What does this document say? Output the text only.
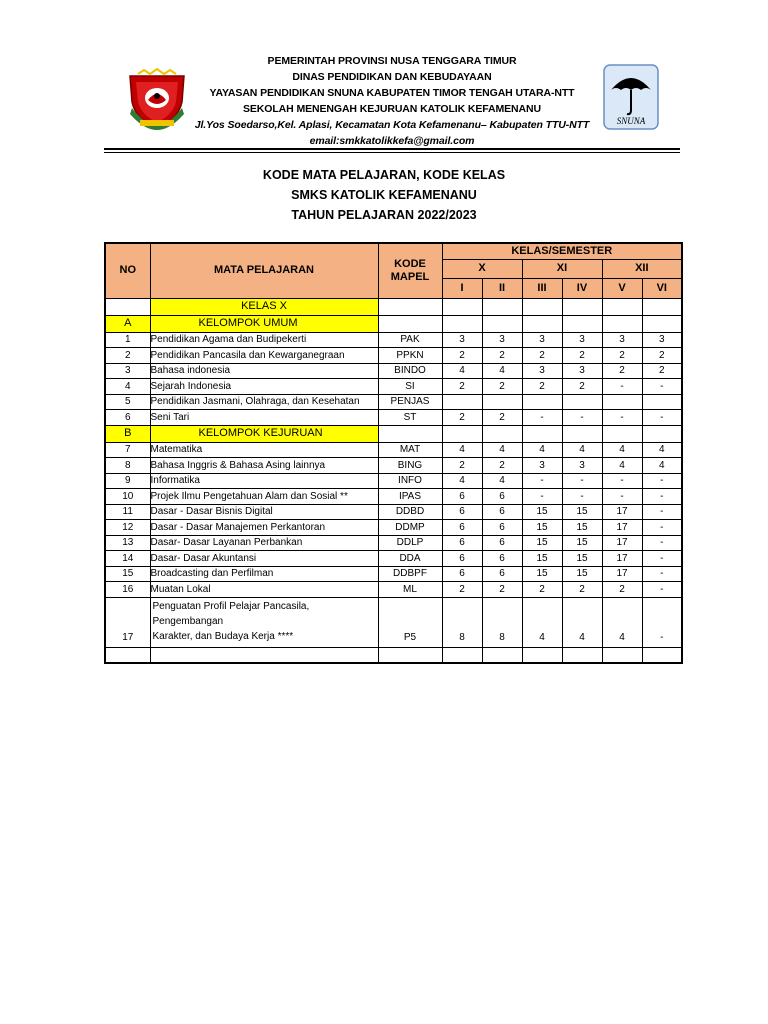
PEMERINTAH PROVINSI NUSA TENGGARA TIMUR
DINAS PENDIDIKAN DAN KEBUDAYAAN
YAYASAN PENDIDIKAN SNUNA KABUPATEN TIMOR TENGAH UTARA-NTT
SEKOLAH MENENGAH KEJURUAN KATOLIK KEFAMENANU
Jl.Yos Soedarso,Kel. Aplasi, Kecamatan Kota Kefamenanu– Kabupaten TTU-NTT
email:smkkatolikkefa@gmail.com
SNUNA
KODE MATA PELAJARAN, KODE KELAS
SMKS KATOLIK KEFAMENANU
TAHUN PELAJARAN 2022/2023
NO	MATA PELAJARAN	KODE MAPEL	KELAS/SEMESTER					
			X		XI		XII	
			I	II	III	IV	V	VI
	KELAS X							
A	KELOMPOK UMUM							
1	Pendidikan Agama dan Budipekerti	PAK	3	3	3	3	3	3
2	Pendidikan Pancasila dan Kewarganegraan	PPKN	2	2	2	2	2	2
3	Bahasa indonesia	BINDO	4	4	3	3	2	2
4	Sejarah Indonesia	SI	2	2	2	2	-	-
5	Pendidikan Jasmani, Olahraga, dan Kesehatan	PENJAS						
6	Seni Tari	ST	2	2	-	-	-	-
B	KELOMPOK KEJURUAN							
7	Matematika	MAT	4	4	4	4	4	4
8	Bahasa Inggris & Bahasa Asing lainnya	BING	2	2	3	3	4	4
9	Informatika	INFO	4	4	-	-	-	-
10	Projek Ilmu Pengetahuan Alam dan Sosial **	IPAS	6	6	-	-	-	-
11	Dasar - Dasar Bisnis Digital	DDBD	6	6	15	15	17	-
12	Dasar - Dasar Manajemen Perkantoran	DDMP	6	6	15	15	17	-
13	Dasar- Dasar Layanan Perbankan	DDLP	6	6	15	15	17	-
14	Dasar- Dasar Akuntansi	DDA	6	6	15	15	17	-
15	Broadcasting dan Perfilman	DDBPF	6	6	15	15	17	-
16	Muatan Lokal	ML	2	2	2	2	2	-
17	Penguatan Profil Pelajar Pancasila,
Pengembangan
Karakter, dan Budaya Kerja ****	P5	8	8	4	4	4	-
